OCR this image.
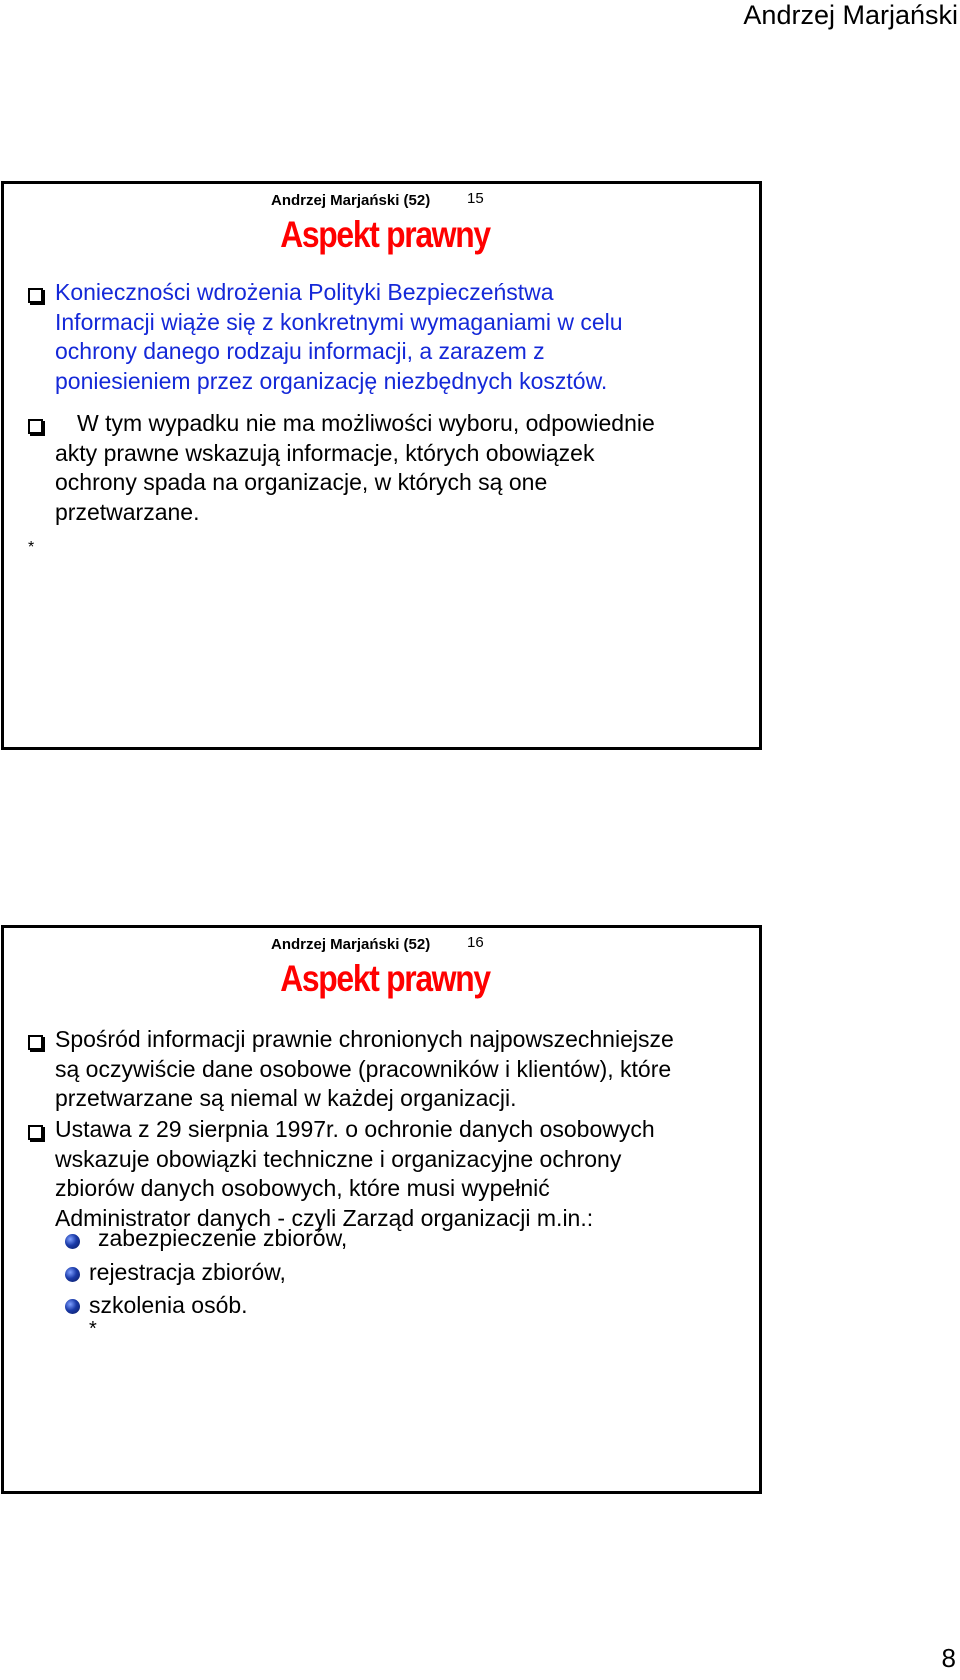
Andrzej Marjański
Andrzej Marjański (52) 15
Aspekt prawny
Konieczności wdrożenia Polityki Bezpieczeństwa
Informacji wiąże się z konkretnymi wymaganiami w celu
ochrony danego rodzaju informacji, a zarazem z
poniesieniem przez organizację niezbędnych kosztów.
W tym wypadku nie ma możliwości wyboru, odpowiednie
akty prawne wskazują informacje, których obowiązek
ochrony spada na organizacje, w których są one
przetwarzane.
*
Andrzej Marjański (52) 16
Aspekt prawny
Spośród informacji prawnie chronionych najpowszechniejsze
są oczywiście dane osobowe (pracowników i klientów), które
przetwarzane są niemal w każdej organizacji.
Ustawa z 29 sierpnia 1997r. o ochronie danych osobowych
wskazuje obowiązki techniczne i organizacyjne ochrony
zbiorów danych osobowych, które musi wypełnić
Administrator danych - czyli Zarząd organizacji m.in.:
zabezpieczenie zbiorów,
rejestracja zbiorów,
szkolenia osób.
*
8
